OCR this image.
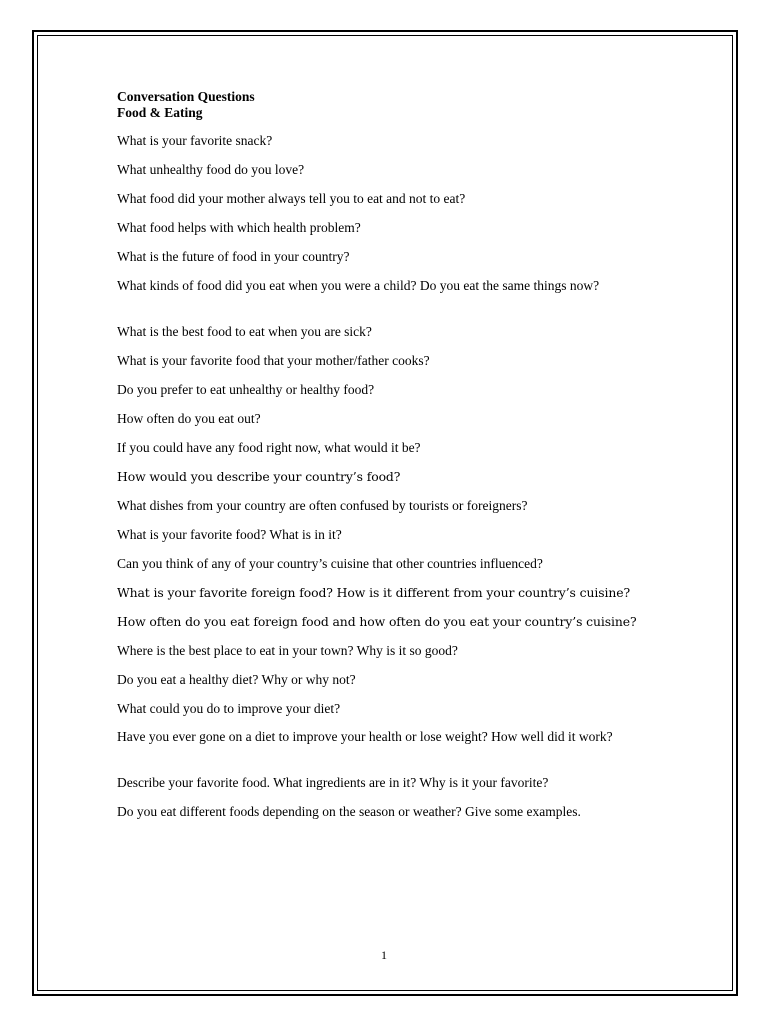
Conversation Questions
Food & Eating
What is your favorite snack?
What unhealthy food do you love?
What food did your mother always tell you to eat and not to eat?
What food helps with which health problem?
What is the future of food in your country?
What kinds of food did you eat when you were a child? Do you eat the same things now?
What is the best food to eat when you are sick?
What is your favorite food that your mother/father cooks?
Do you prefer to eat unhealthy or healthy food?
How often do you eat out?
If you could have any food right now, what would it be?
How would you describe your country’s food?
What dishes from your country are often confused by tourists or foreigners?
What is your favorite food? What is in it?
Can you think of any of your country’s cuisine that other countries influenced?
What is your favorite foreign food? How is it different from your country’s cuisine?
How often do you eat foreign food and how often do you eat your country’s cuisine?
Where is the best place to eat in your town? Why is it so good?
Do you eat a healthy diet? Why or why not?
What could you do to improve your diet?
Have you ever gone on a diet to improve your health or lose weight? How well did it work?
Describe your favorite food. What ingredients are in it? Why is it your favorite?
Do you eat different foods depending on the season or weather? Give some examples.
1
